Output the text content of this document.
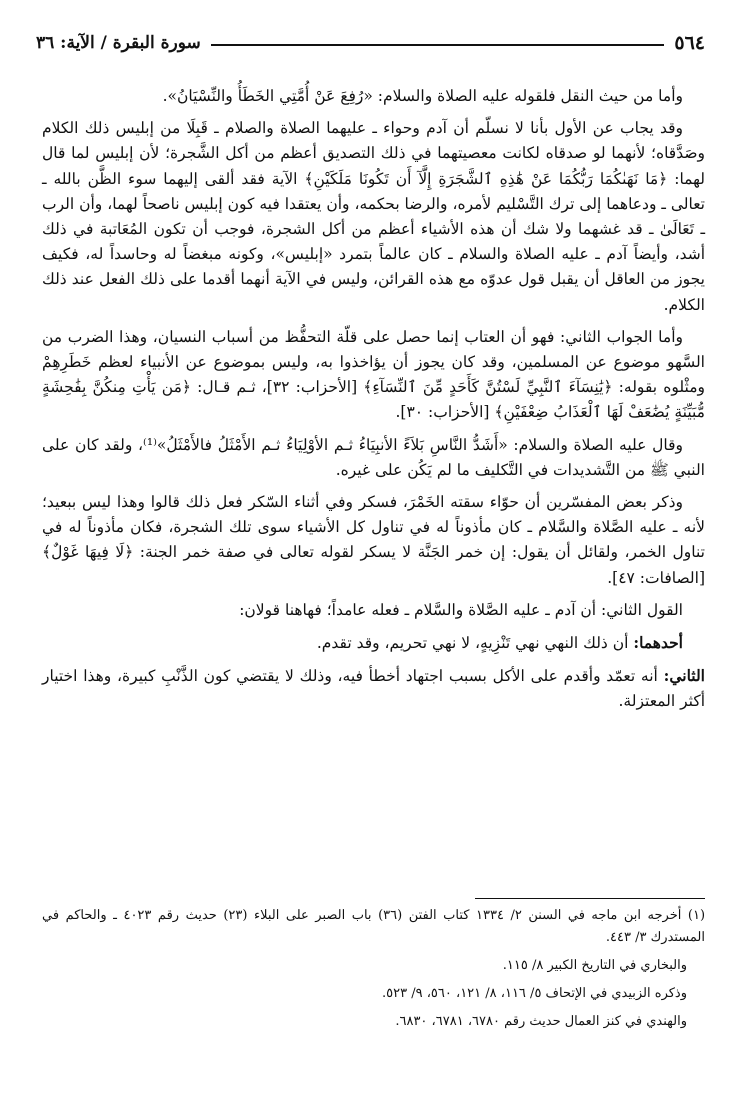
٥٦٤
سورة البقرة / الآية: ٣٦

وأما من حيث النقل فلقوله عليه الصلاة والسلام: «رُفِعَ عَنْ أُمَّتِي الخَطَأُ والنِّسْيَانُ».

وقد يجاب عن الأول بأنا لا نسلّم أن آدم وحواء ـ عليهما الصلاة والصلام ـ قَبِلَا من إبليس ذلك الكلام وصَدَّقاه؛ لأنهما لو صدقاه لكانت معصيتهما في ذلك التصديق أعظم من أكل الشَّجرة؛ لأن إبليس لما قال لهما: ﴿مَا نَهَىٰكُمَا رَبُّكُمَا عَنْ هَٰذِهِ ٱلشَّجَرَةِ إِلَّآ أَن تَكُونَا مَلَكَيْنِ﴾ الآية فقد ألقى إليهما سوء الظَّن بالله ـ تعالى ـ ودعاهما إلى ترك التَّسْليم لأمره، والرضا بحكمه، وأن يعتقدا فيه كون إبليس ناصحاً لهما، وأن الرب ـ تَعَالَىٰ ـ قد غشهما ولا شك أن هذه الأشياء أعظم من أكل الشجرة، فوجب أن تكون المُعَاتبة في ذلك أشد، وأيضاً آدم ـ عليه الصلاة والسلام ـ كان عالماً بتمرد «إبليس»، وكونه مبغضاً له وحاسداً له، فكيف يجوز من العاقل أن يقبل قول عدوّه مع هذه القرائن، وليس في الآية أنهما أقدما على ذلك الفعل عند ذلك الكلام.

وأما الجواب الثاني: فهو أن العتاب إنما حصل على قلّة التحفُّظ من أسباب النسيان، وهذا الضرب من السَّهو موضوع عن المسلمين، وقد كان يجوز أن يؤاخذوا به، وليس بموضوع عن الأنبياء لعظم خَطَرِهِمْ ومثْلوه بقوله: ﴿يَٰنِسَآءَ ٱلنَّبِيِّ لَسْتُنَّ كَأَحَدٍ مِّنَ ٱلنِّسَآءِ﴾ [الأحزاب: ٣٢]، ثـم قـال: ﴿مَن يَأْتِ مِنكُنَّ بِفَٰحِشَةٍ مُّبَيِّنَةٍ يُضَٰعَفْ لَهَا ٱلْعَذَابُ ضِعْفَيْنِ﴾ [الأحزاب: ٣٠].

وقال عليه الصلاة والسلام: «أَشَدُّ النَّاسِ بَلاَءً الأنبِيَاءُ ثـم الأوْلِيَاءُ ثـم الأَمْثَلُ فالأَمْثَلُ»⁽¹⁾، ولقد كان على النبي ﷺ من التَّشديدات في التَّكليف ما لم يَكُن على غيره.

وذكر بعض المفسّرين أن حوّاء سقته الخَمْرَ، فسكر وفي أثناء السّكر فعل ذلك قالوا وهذا ليس ببعيد؛ لأنه ـ عليه الصَّلاة والسَّلام ـ كان مأذوناً له في تناول كل الأشياء سوى تلك الشجرة، فكان مأذوناً له في تناول الخمر، ولقائل أن يقول: إن خمر الجَنَّة لا يسكر لقوله تعالى في صفة خمر الجنة: ﴿لَا فِيهَا غَوْلٌ﴾ [الصافات: ٤٧].

القول الثاني: أن آدم ـ عليه الصَّلاة والسَّلام ـ فعله عامداً؛ فهاهنا قولان:

أحدهما: أن ذلك النهي نهي تَنْزِيهٍ، لا نهي تحريم، وقد تقدم.

الثاني: أنه تعمّد وأقدم على الأكل بسبب اجتهاد أخطأ فيه، وذلك لا يقتضي كون الذَّنْبِ كبيرة، وهذا اختيار أكثر المعتزلة.

(١) أخرجه ابن ماجه في السنن ٢/ ١٣٣٤ كتاب الفتن (٣٦) باب الصبر على البلاء (٢٣) حديث رقم ٤٠٢٣ ـ والحاكم في المستدرك ٣/ ٤٤٣.

والبخاري في التاريخ الكبير ٨/ ١١٥.

وذكره الزبيدي في الإتحاف ٥/ ١١٦، ٨/ ١٢١، ٥٦٠، ٩/ ٥٢٣.

والهندي في كنز العمال حديث رقم ٦٧٨٠، ٦٧٨١، ٦٨٣٠.
